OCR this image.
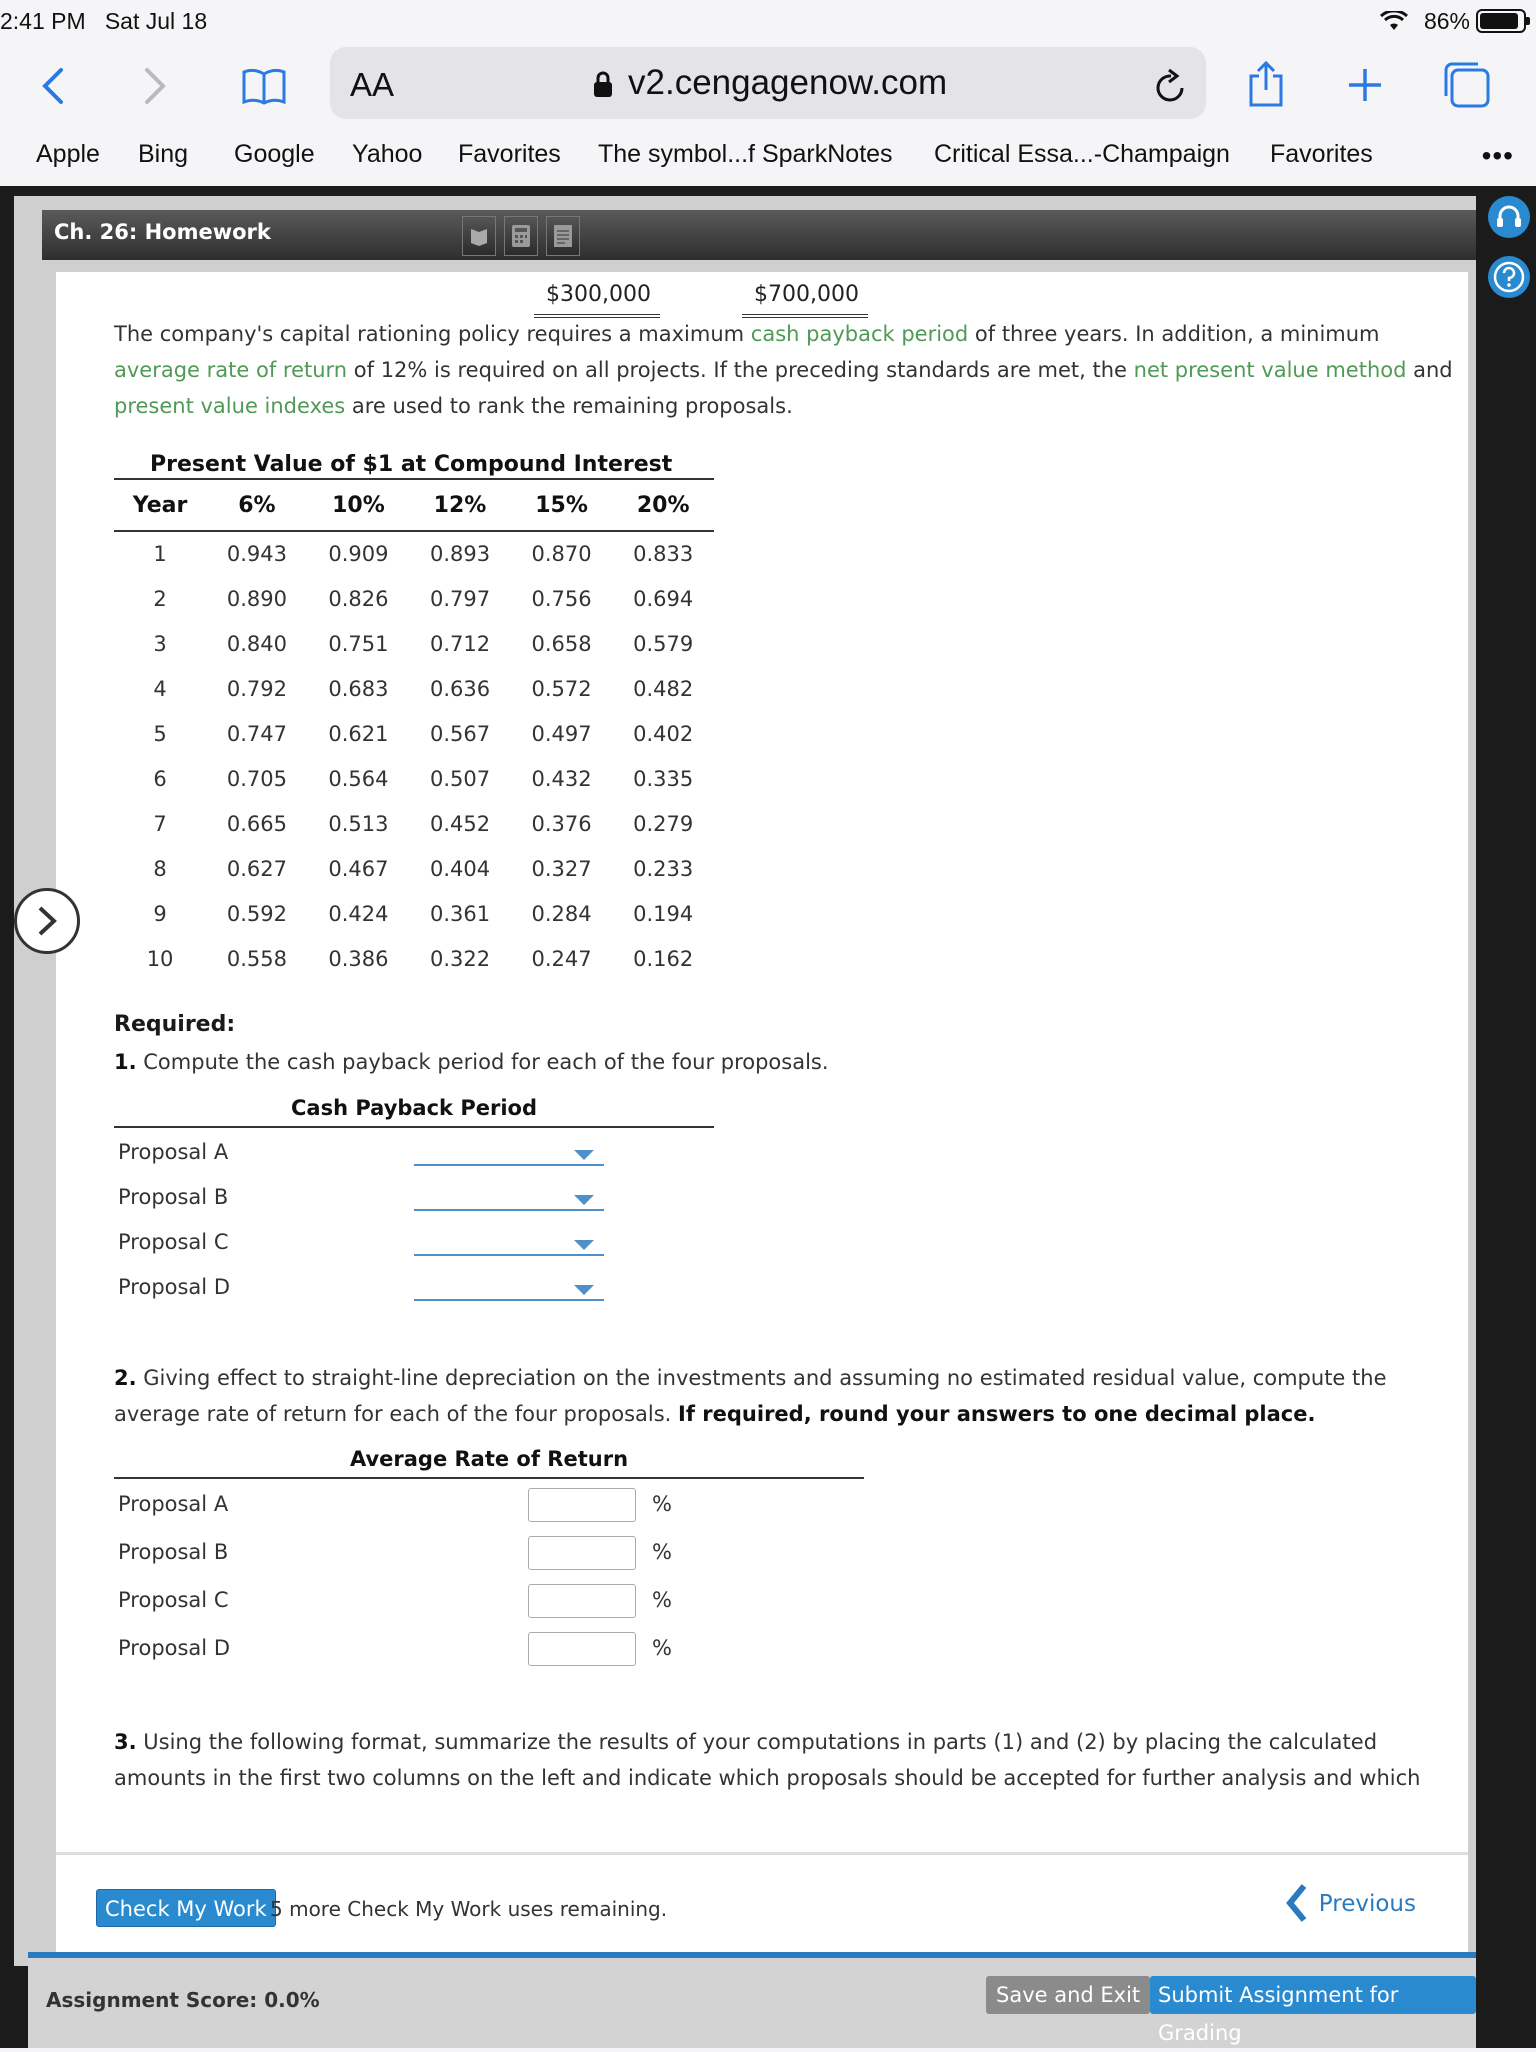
2:41 PM Sat Jul 18	86%
AA	v2.cengagenow.com
Apple Bing Google Yahoo Favorites The symbol...f SparkNotes Critical Essa...-Champaign Favorites	•••
Ch. 26: Homework
$300,000	$700,000
The company's capital rationing policy requires a maximum cash payback period of three years. In addition, a minimum average rate of return of 12% is required on all projects. If the preceding standards are met, the net present value method and present value indexes are used to rank the remaining proposals.
Present Value of $1 at Compound Interest
Year	6%	10%	12%	15%	20%
1	0.943	0.909	0.893	0.870	0.833
2	0.890	0.826	0.797	0.756	0.694
3	0.840	0.751	0.712	0.658	0.579
4	0.792	0.683	0.636	0.572	0.482
5	0.747	0.621	0.567	0.497	0.402
6	0.705	0.564	0.507	0.432	0.335
7	0.665	0.513	0.452	0.376	0.279
8	0.627	0.467	0.404	0.327	0.233
9	0.592	0.424	0.361	0.284	0.194
10	0.558	0.386	0.322	0.247	0.162
Required:
1. Compute the cash payback period for each of the four proposals.
Cash Payback Period
Proposal A
Proposal B
Proposal C
Proposal D
2. Giving effect to straight-line depreciation on the investments and assuming no estimated residual value, compute the average rate of return for each of the four proposals. If required, round your answers to one decimal place.
Average Rate of Return
Proposal A	%
Proposal B	%
Proposal C	%
Proposal D	%
3. Using the following format, summarize the results of your computations in parts (1) and (2) by placing the calculated amounts in the first two columns on the left and indicate which proposals should be accepted for further analysis and which
Check My Work 5 more Check My Work uses remaining.	Previous
Assignment Score: 0.0%	Save and Exit Submit Assignment for Grading
